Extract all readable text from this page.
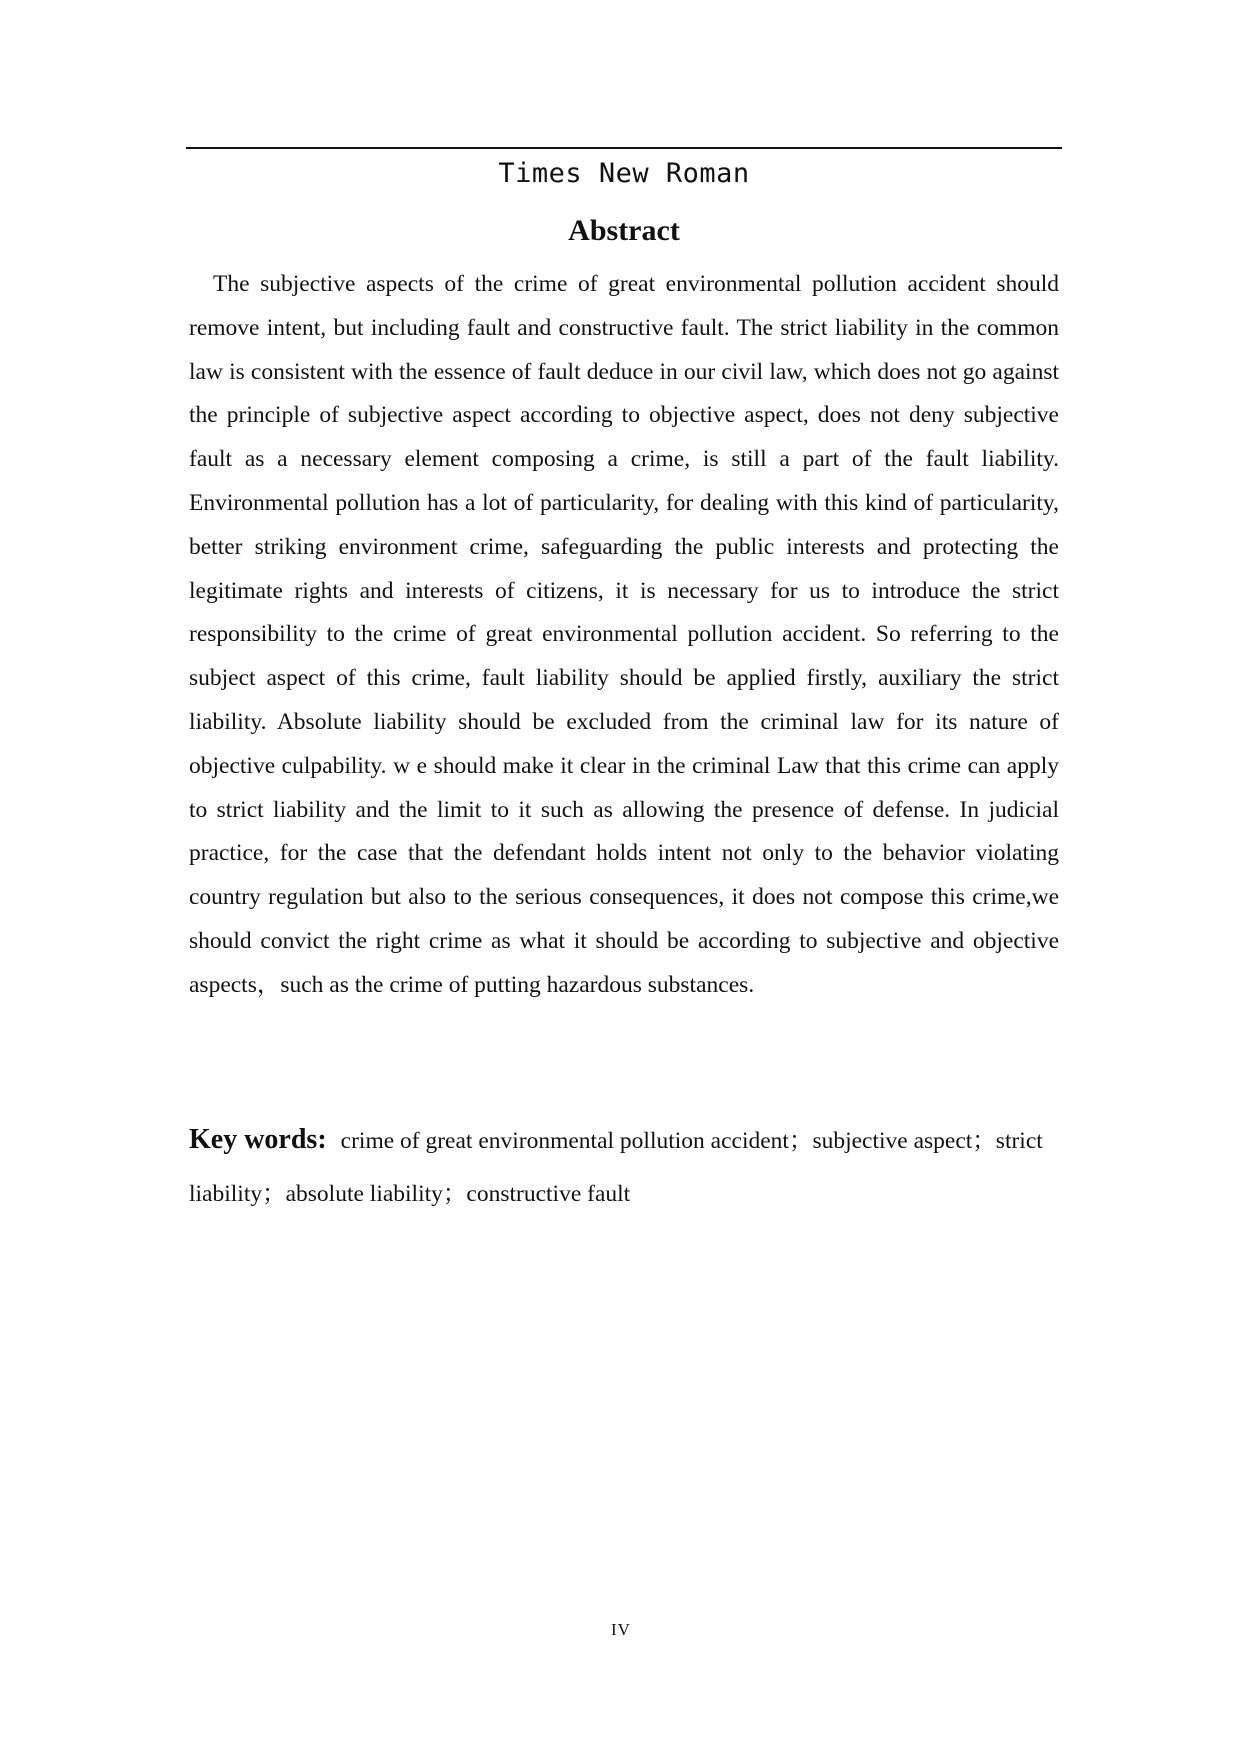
Times New Roman
Abstract

The subjective aspects of the crime of great environmental pollution accident should remove intent, but including fault and constructive fault. The strict liability in the common law is consistent with the essence of fault deduce in our civil law, which does not go against the principle of subjective aspect according to objective aspect, does not deny subjective fault as a necessary element composing a crime, is still a part of the fault liability. Environmental pollution has a lot of particularity, for dealing with this kind of particularity, better striking environment crime, safeguarding the public interests and protecting the legitimate rights and interests of citizens, it is necessary for us to introduce the strict responsibility to the crime of great environmental pollution accident. So referring to the subject aspect of this crime, fault liability should be applied firstly, auxiliary the strict liability. Absolute liability should be excluded from the criminal law for its nature of objective culpability. w e should make it clear in the criminal Law that this crime can apply to strict liability and the limit to it such as allowing the presence of defense. In judicial practice, for the case that the defendant holds intent not only to the behavior violating country regulation but also to the serious consequences, it does not compose this crime,we should convict the right crime as what it should be according to subjective and objective aspects，such as the crime of putting hazardous substances.

Key words: crime of great environmental pollution accident；subjective aspect；strict liability；absolute liability；constructive fault

IV
